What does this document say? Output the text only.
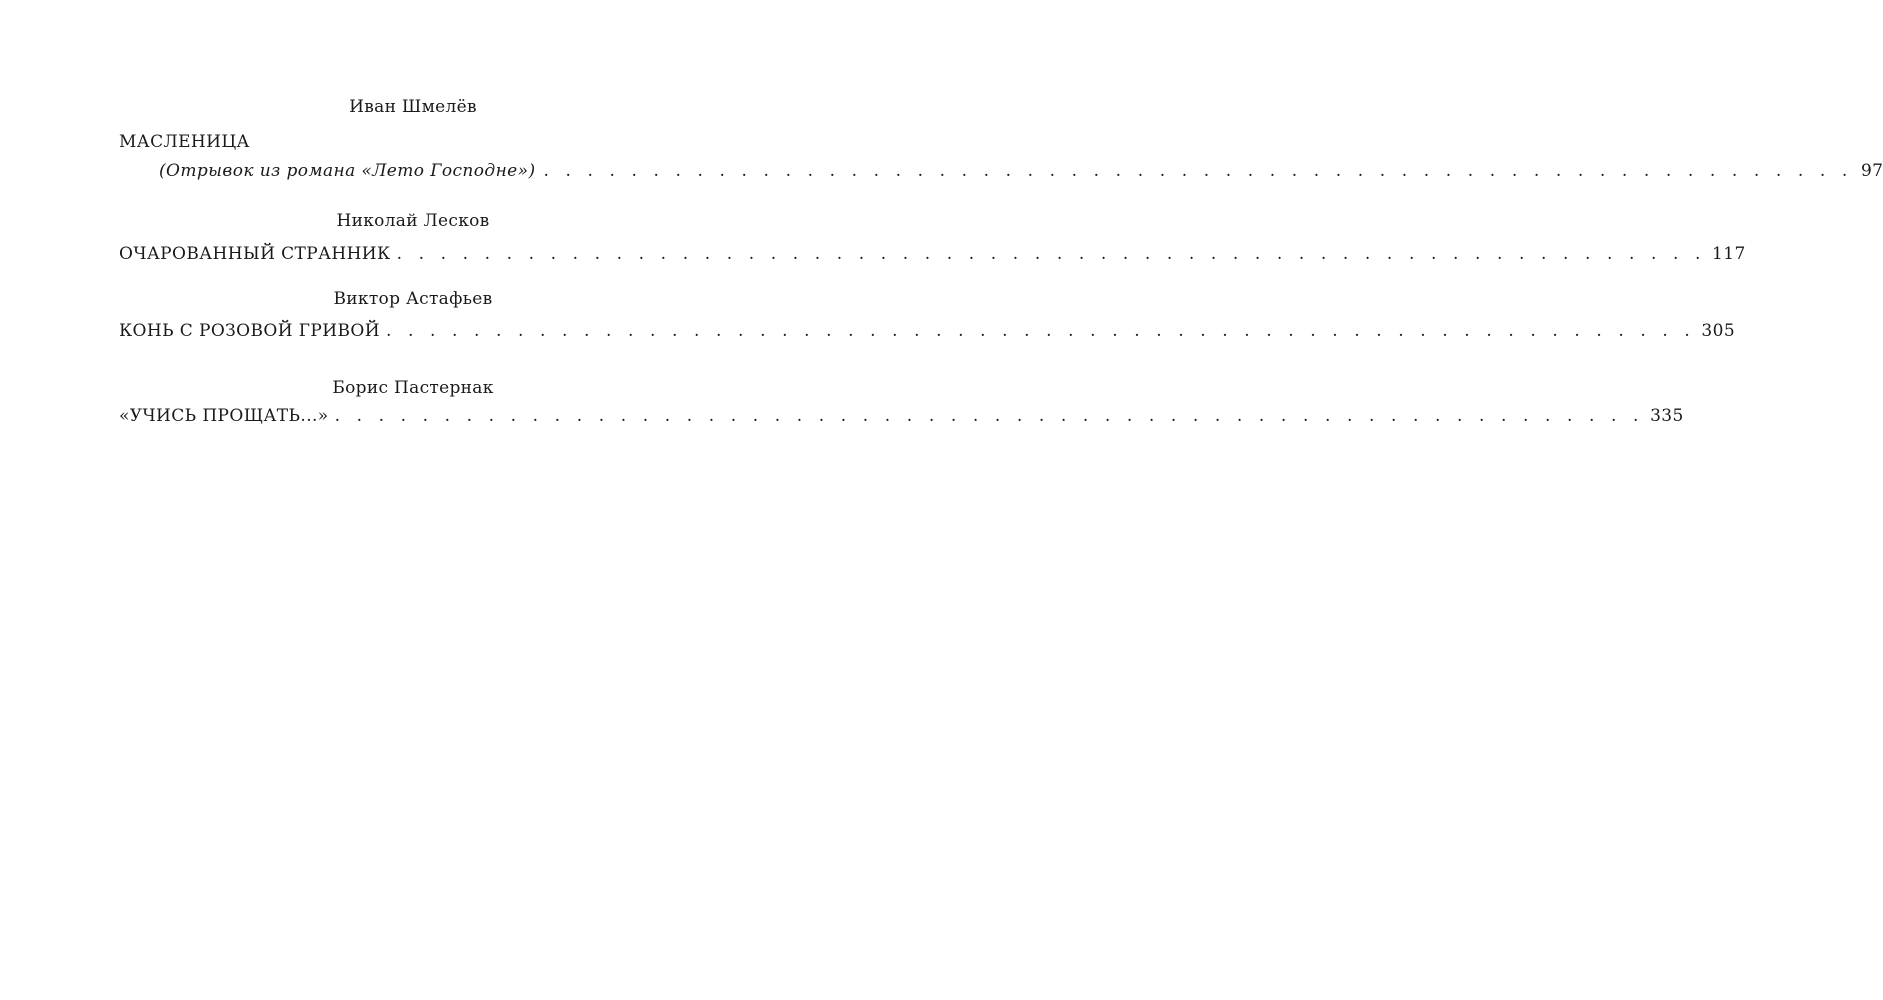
Иван Шмелёв
МАСЛЕНИЦА
(Отрывок из романа «Лето Господне») . . . . . . . . . . . . . . . . . . . . . . . . . . . . . . . . . . . . . . . . . . . . . . . . . . . . . . . . . . . . 97
Николай Лесков
ОЧАРОВАННЫЙ СТРАННИК . . . . . . . . . . . . . . . . . . . . . . . . . . . . . . . . . . . . . . . . . . . . . . . . . . . . . . . . . . . . 117
Виктор Астафьев
КОНЬ С РОЗОВОЙ ГРИВОЙ . . . . . . . . . . . . . . . . . . . . . . . . . . . . . . . . . . . . . . . . . . . . . . . . . . . . . . . . . . . . 305
Борис Пастернак
«УЧИСЬ ПРОЩАТЬ...» . . . . . . . . . . . . . . . . . . . . . . . . . . . . . . . . . . . . . . . . . . . . . . . . . . . . . . . . . . . . 335
